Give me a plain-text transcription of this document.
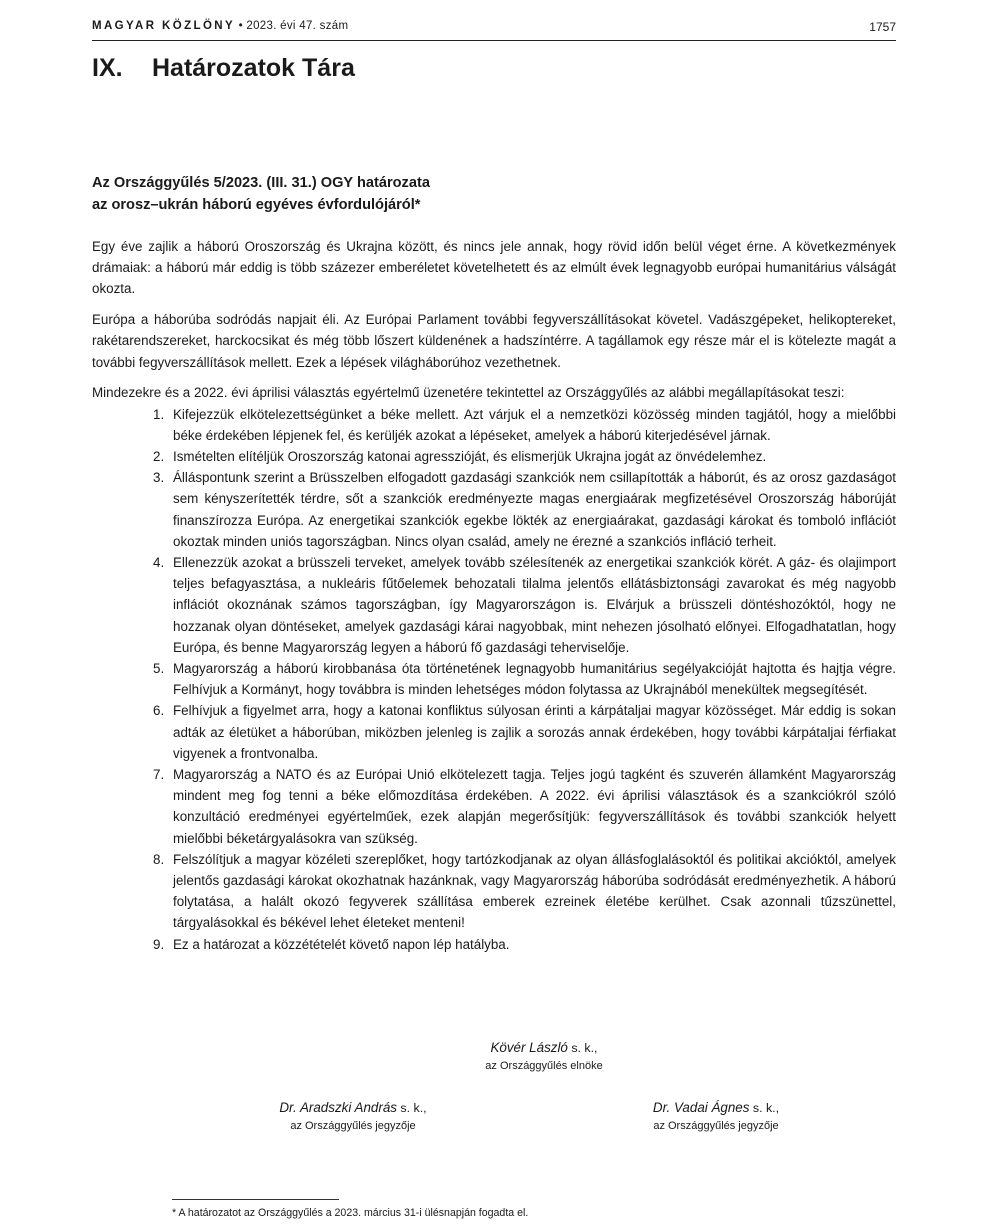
MAGYAR KÖZLÖNY • 2023. évi 47. szám	1757
IX. Határozatok Tára
Az Országgyűlés 5/2023. (III. 31.) OGY határozata
az orosz–ukrán háború egyéves évfordulójáról*

Egy éve zajlik a háború Oroszország és Ukrajna között, és nincs jele annak, hogy rövid időn belül véget érne. A következmények drámaiak: a háború már eddig is több százezer emberéletet követelhetett és az elmúlt évek legnagyobb európai humanitárius válságát okozta.

Európa a háborúba sodródás napjait éli. Az Európai Parlament további fegyverszállításokat követel. Vadászgépeket, helikoptereket, rakétarendszereket, harckocsikat és még több lőszert küldenének a hadszíntérre. A tagállamok egy része már el is kötelezte magát a további fegyverszállítások mellett. Ezek a lépések világháborúhoz vezethetnek.

Mindezekre és a 2022. évi áprilisi választás egyértelmű üzenetére tekintettel az Országgyűlés az alábbi megállapításokat teszi:

1. Kifejezzük elkötelezettségünket a béke mellett. Azt várjuk el a nemzetközi közösség minden tagjától, hogy a mielőbbi béke érdekében lépjenek fel, és kerüljék azokat a lépéseket, amelyek a háború kiterjedésével járnak.
2. Ismételten elítéljük Oroszország katonai agresszióját, és elismerjük Ukrajna jogát az önvédelemhez.
3. Álláspontunk szerint a Brüsszelben elfogadott gazdasági szankciók nem csillapították a háborút, és az orosz gazdaságot sem kényszerítették térdre, sőt a szankciók eredményezte magas energiaárak megfizetésével Oroszország háborúját finanszírozza Európa. Az energetikai szankciók egekbe lökték az energiaárakat, gazdasági károkat és tomboló inflációt okoztak minden uniós tagországban. Nincs olyan család, amely ne érezné a szankciós infláció terheit.
4. Ellenezzük azokat a brüsszeli terveket, amelyek tovább szélesítenék az energetikai szankciók körét. A gáz- és olajimport teljes befagyasztása, a nukleáris fűtőelemek behozatali tilalma jelentős ellátásbiztonsági zavarokat és még nagyobb inflációt okoznának számos tagországban, így Magyarországon is. Elvárjuk a brüsszeli döntéshozóktól, hogy ne hozzanak olyan döntéseket, amelyek gazdasági kárai nagyobbak, mint nehezen jósolható előnyei. Elfogadhatatlan, hogy Európa, és benne Magyarország legyen a háború fő gazdasági teherviselője.
5. Magyarország a háború kirobbanása óta történetének legnagyobb humanitárius segélyakcióját hajtotta és hajtja végre. Felhívjuk a Kormányt, hogy továbbra is minden lehetséges módon folytassa az Ukrajnából menekültek megsegítését.
6. Felhívjuk a figyelmet arra, hogy a katonai konfliktus súlyosan érinti a kárpátaljai magyar közösséget. Már eddig is sokan adták az életüket a háborúban, miközben jelenleg is zajlik a sorozás annak érdekében, hogy további kárpátaljai férfiakat vigyenek a frontvonalba.
7. Magyarország a NATO és az Európai Unió elkötelezett tagja. Teljes jogú tagként és szuverén államként Magyarország mindent meg fog tenni a béke előmozdítása érdekében. A 2022. évi áprilisi választások és a szankciókról szóló konzultáció eredményei egyértelműek, ezek alapján megerősítjük: fegyverszállítások és további szankciók helyett mielőbbi béketárgyalásokra van szükség.
8. Felszólítjuk a magyar közéleti szereplőket, hogy tartózkodjanak az olyan állásfoglalásoktól és politikai akcióktól, amelyek jelentős gazdasági károkat okozhatnak hazánknak, vagy Magyarország háborúba sodródását eredményezhetik. A háború folytatása, a halált okozó fegyverek szállítása emberek ezreinek életébe kerülhet. Csak azonnali tűzszünettel, tárgyalásokkal és békével lehet életeket menteni!
9. Ez a határozat a közzétételét követő napon lép hatályba.
Kövér László s. k.,
az Országgyűlés elnöke
Dr. Aradszki András s. k.,
az Országgyűlés jegyzője
Dr. Vadai Ágnes s. k.,
az Országgyűlés jegyzője
* A határozatot az Országgyűlés a 2023. március 31-i ülésnapján fogadta el.
